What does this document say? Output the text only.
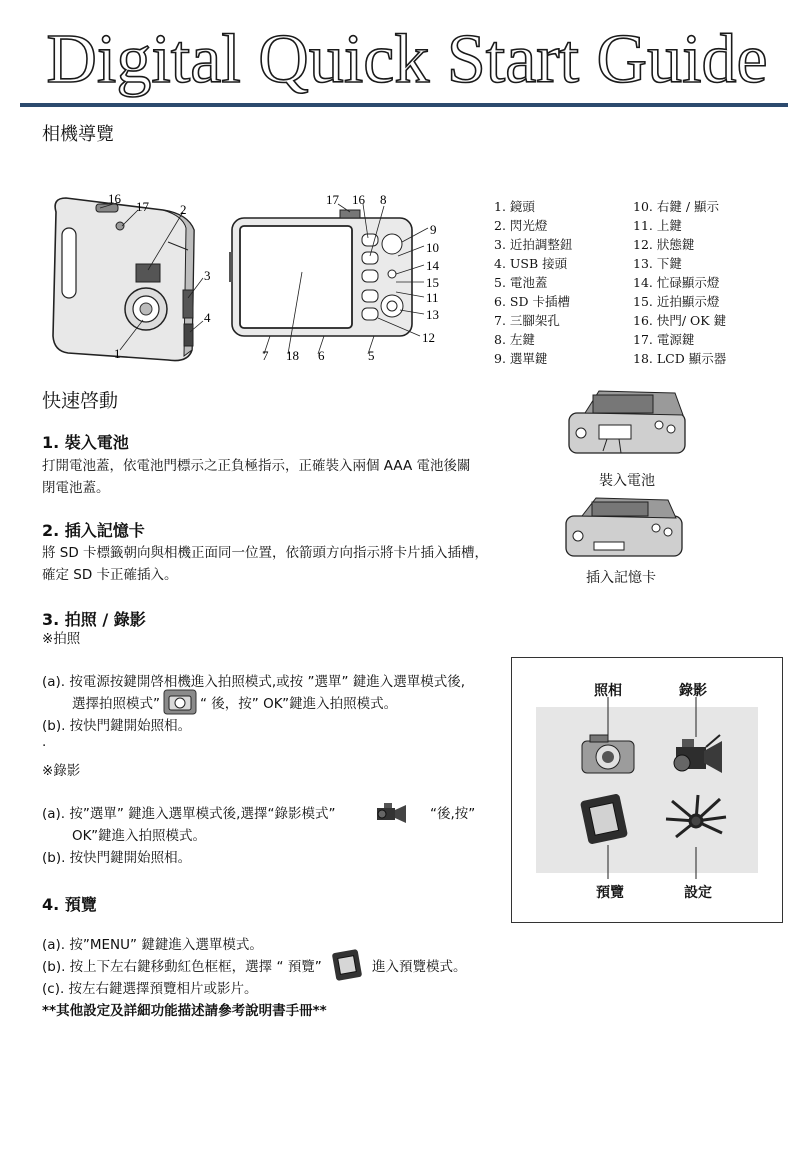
Digital Quick Start Guide
相機導覽
16
17 2
3
4
1
17 16 8
9
10
14
15
11
13
12
7 18 6	5
1. 鏡頭
2. 閃光燈
3. 近拍調整鈕
4. USB 接頭
5. 電池蓋
6. SD 卡插槽
7. 三腳架孔
8. 左鍵
9. 選單鍵
10. 右鍵 / 顯示
11. 上鍵
12. 狀態鍵
13. 下鍵
14. 忙碌顯示燈
15. 近拍顯示燈
16. 快門/ OK 鍵
17. 電源鍵
18. LCD 顯示器
快速啓動
1. 裝入電池
打開電池蓋，依電池門標示之正負極指示，正確裝入兩個 AAA 電池後關
閉電池蓋。	裝入電池
2. 插入記憶卡
將 SD 卡標籤朝向與相機正面同一位置，依箭頭方向指示將卡片插入插槽，
確定 SD 卡正確插入。	插入記憶卡
3. 拍照 / 錄影
※拍照
(a). 按電源按鍵開啓相機進入拍照模式,或按 ”選單” 鍵進入選單模式後,
選擇拍照模式”	“ 後，按” OK”鍵進入拍照模式。
(b). 按快門鍵開始照相。
·
※錄影
(a). 按”選單” 鍵進入選單模式後,選擇“錄影模式”	“後,按”
OK”鍵進入拍照模式。
(b). 按快門鍵開始照相。
4. 預覽
(a). 按”MENU” 鍵鍵進入選單模式。
(b). 按上下左右鍵移動紅色框框，選擇 “ 預覽”	進入預覽模式。
(c). 按左右鍵選擇預覽相片或影片。
**其他設定及詳細功能描述請參考說明書手冊**
照相	錄影
預覽	設定
